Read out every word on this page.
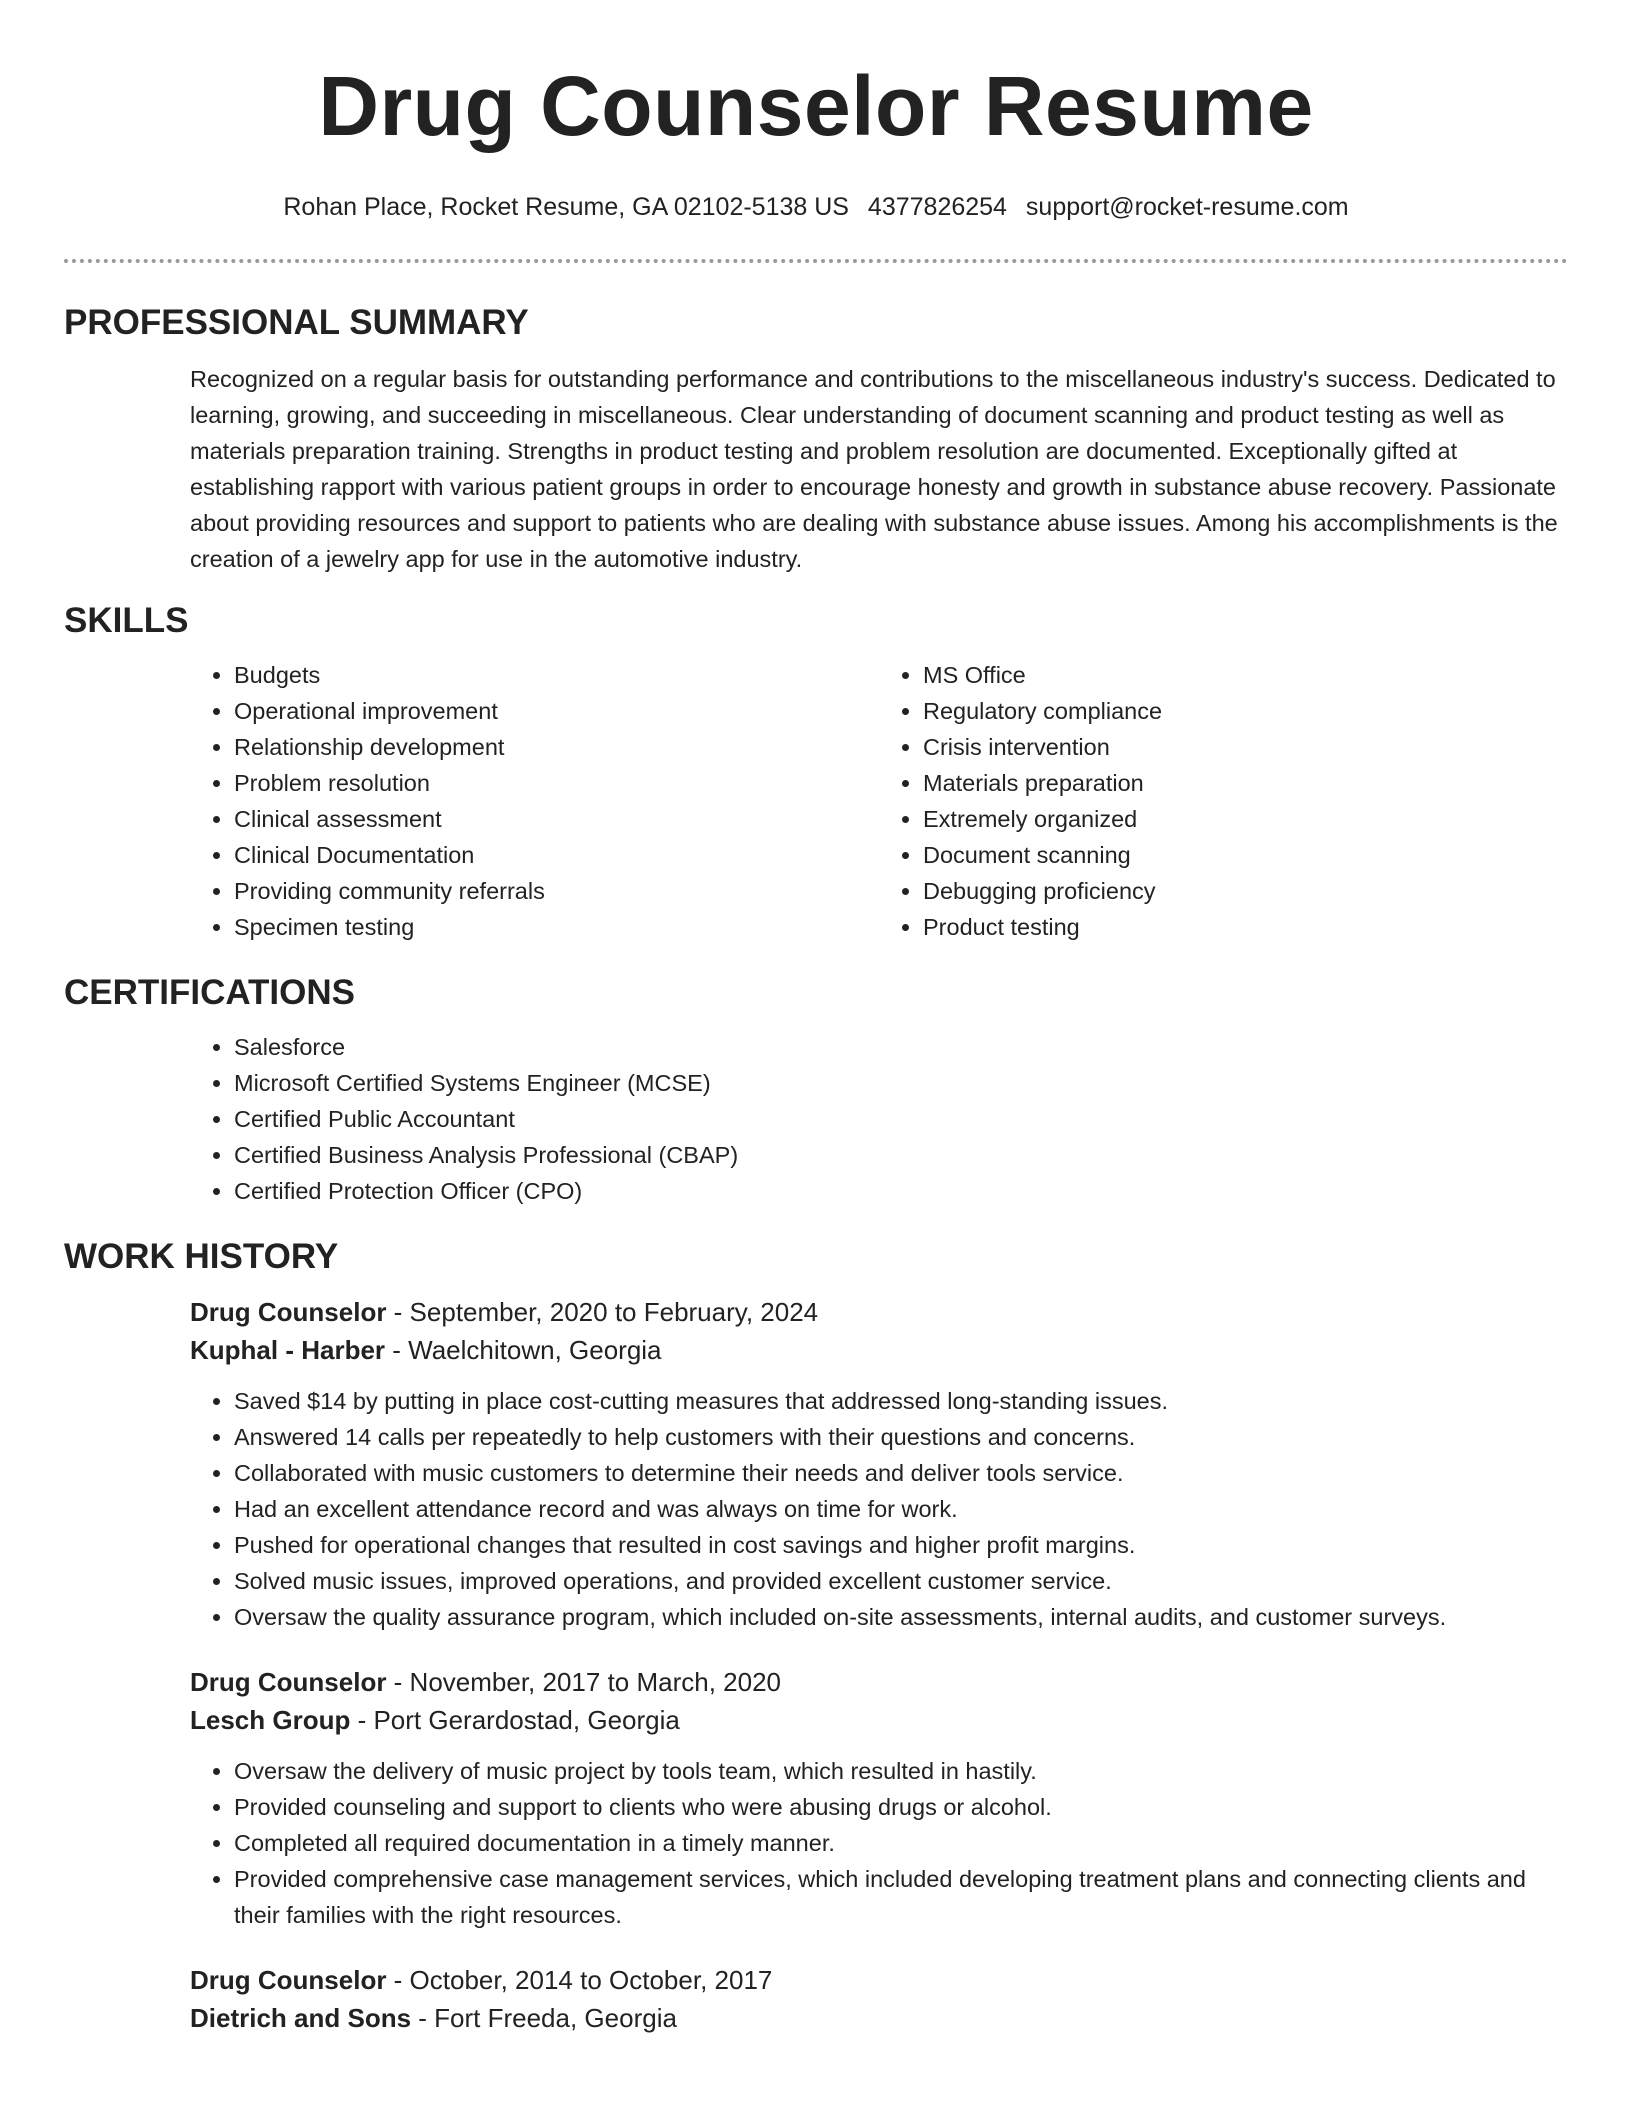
Drug Counselor Resume
Rohan Place, Rocket Resume, GA 02102-5138 US 4377826254 support@rocket-resume.com
PROFESSIONAL SUMMARY
Recognized on a regular basis for outstanding performance and contributions to the miscellaneous industry's success. Dedicated to learning, growing, and succeeding in miscellaneous. Clear understanding of document scanning and product testing as well as materials preparation training. Strengths in product testing and problem resolution are documented. Exceptionally gifted at establishing rapport with various patient groups in order to encourage honesty and growth in substance abuse recovery. Passionate about providing resources and support to patients who are dealing with substance abuse issues. Among his accomplishments is the creation of a jewelry app for use in the automotive industry.
SKILLS
• Budgets
• Operational improvement
• Relationship development
• Problem resolution
• Clinical assessment
• Clinical Documentation
• Providing community referrals
• Specimen testing
• MS Office
• Regulatory compliance
• Crisis intervention
• Materials preparation
• Extremely organized
• Document scanning
• Debugging proficiency
• Product testing
CERTIFICATIONS
• Salesforce
• Microsoft Certified Systems Engineer (MCSE)
• Certified Public Accountant
• Certified Business Analysis Professional (CBAP)
• Certified Protection Officer (CPO)
WORK HISTORY
Drug Counselor - September, 2020 to February, 2024
Kuphal - Harber - Waelchitown, Georgia
• Saved $14 by putting in place cost-cutting measures that addressed long-standing issues.
• Answered 14 calls per repeatedly to help customers with their questions and concerns.
• Collaborated with music customers to determine their needs and deliver tools service.
• Had an excellent attendance record and was always on time for work.
• Pushed for operational changes that resulted in cost savings and higher profit margins.
• Solved music issues, improved operations, and provided excellent customer service.
• Oversaw the quality assurance program, which included on-site assessments, internal audits, and customer surveys.
Drug Counselor - November, 2017 to March, 2020
Lesch Group - Port Gerardostad, Georgia
• Oversaw the delivery of music project by tools team, which resulted in hastily.
• Provided counseling and support to clients who were abusing drugs or alcohol.
• Completed all required documentation in a timely manner.
• Provided comprehensive case management services, which included developing treatment plans and connecting clients and their families with the right resources.
Drug Counselor - October, 2014 to October, 2017
Dietrich and Sons - Fort Freeda, Georgia
